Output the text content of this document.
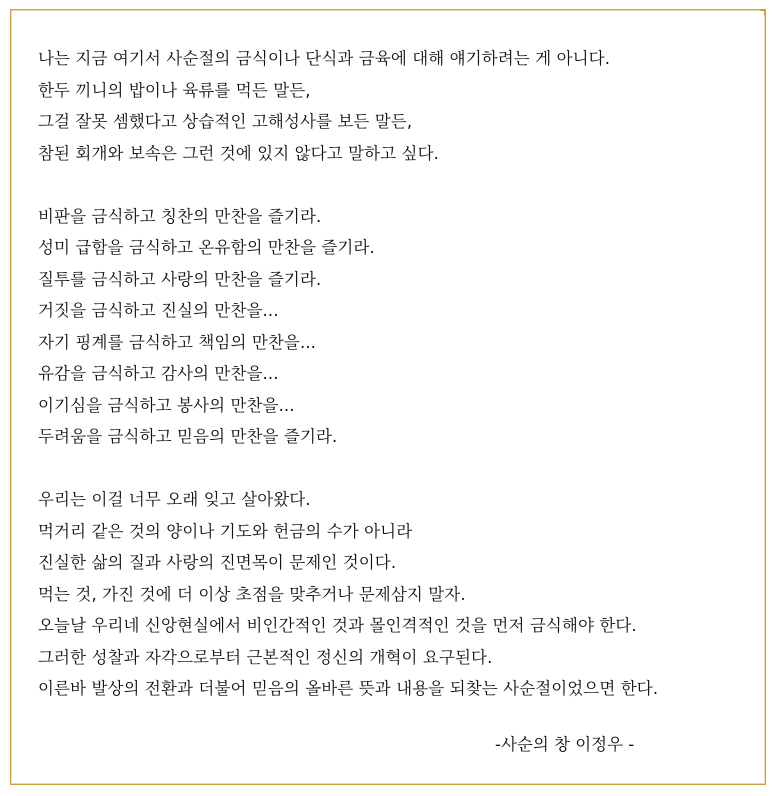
나는 지금 여기서 사순절의 금식이나 단식과 금육에 대해 얘기하려는 게 아니다.
한두 끼니의 밥이나 육류를 먹든 말든,
그걸 잘못 셈했다고 상습적인 고해성사를 보든 말든,
참된 회개와 보속은 그런 것에 있지 않다고 말하고 싶다.
비판을 금식하고 칭찬의 만찬을 즐기라.
성미 급함을 금식하고 온유함의 만찬을 즐기라.
질투를 금식하고 사랑의 만찬을 즐기라.
거짓을 금식하고 진실의 만찬을...
자기 핑계를 금식하고 책임의 만찬을...
유감을 금식하고 감사의 만찬을...
이기심을 금식하고 봉사의 만찬을...
두려움을 금식하고 믿음의 만찬을 즐기라.
우리는 이걸 너무 오래 잊고 살아왔다.
먹거리 같은 것의 양이나 기도와 헌금의 수가 아니라
진실한 삶의 질과 사랑의 진면목이 문제인 것이다.
먹는 것, 가진 것에 더 이상 초점을 맞추거나 문제삼지 말자.
오늘날 우리네 신앙현실에서 비인간적인 것과 몰인격적인 것을 먼저 금식해야 한다.
그러한 성찰과 자각으로부터 근본적인 정신의 개혁이 요구된다.
이른바 발상의 전환과 더불어 믿음의 올바른 뜻과 내용을 되찾는 사순절이었으면 한다.
-사순의 창 이정우 -
